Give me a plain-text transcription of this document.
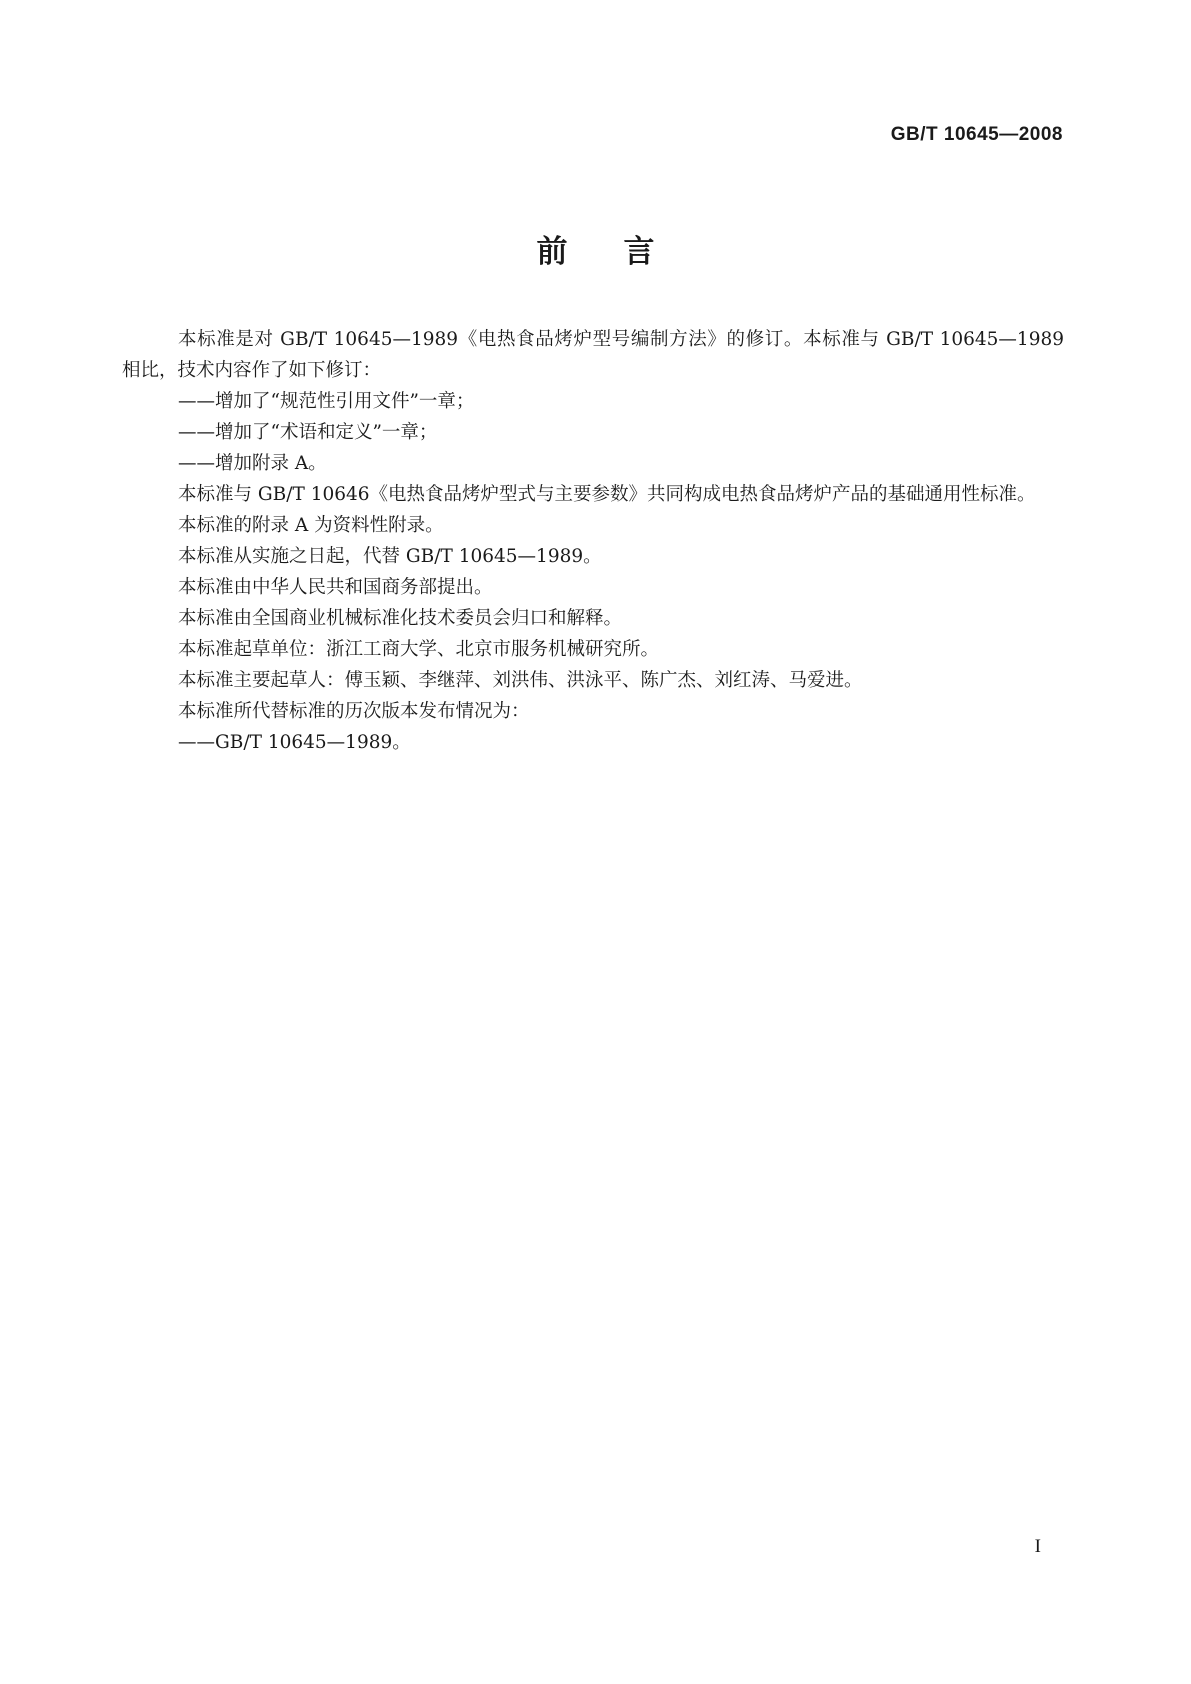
GB/T 10645—2008
前言

本标准是对 GB/T 10645—1989《电热食品烤炉型号编制方法》的修订。本标准与 GB/T 10645—1989 相比，技术内容作了如下修订：

——增加了“规范性引用文件”一章；

——增加了“术语和定义”一章；

——增加附录 A。

本标准与 GB/T 10646《电热食品烤炉型式与主要参数》共同构成电热食品烤炉产品的基础通用性标准。

本标准的附录 A 为资料性附录。

本标准从实施之日起，代替 GB/T 10645—1989。

本标准由中华人民共和国商务部提出。

本标准由全国商业机械标准化技术委员会归口和解释。

本标准起草单位：浙江工商大学、北京市服务机械研究所。

本标准主要起草人：傅玉颖、李继萍、刘洪伟、洪泳平、陈广杰、刘红涛、马爱进。

本标准所代替标准的历次版本发布情况为：

——GB/T 10645—1989。

I
